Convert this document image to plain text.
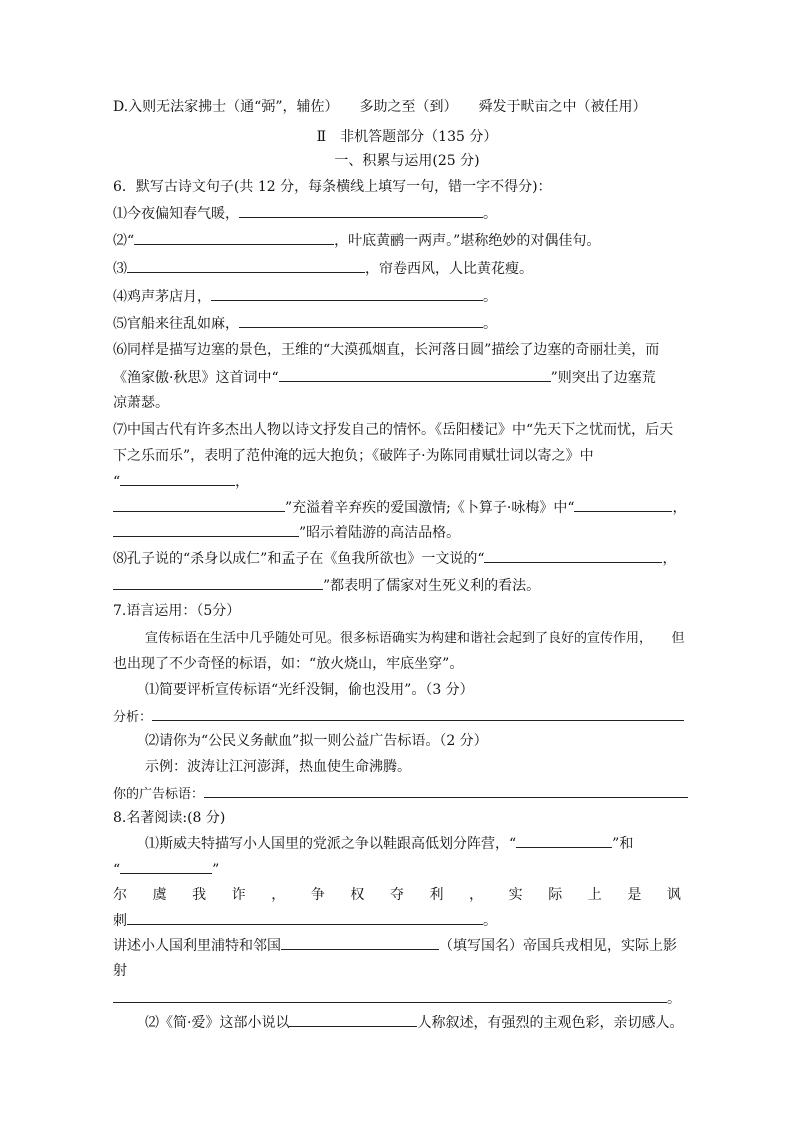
D.入则无法家拂士（通“弼”，辅佐）　　多助之至（到）　　舜发于畎亩之中（被任用）
Ⅱ　非机答题部分（135 分）
一、积累与运用(25 分)
6．默写古诗文句子(共 12 分，每条横线上填写一句，错一字不得分)：
⑴今夜偏知春气暖，	。
⑵“	，叶底黄鹂一两声。”堪称绝妙的对偶佳句。
⑶	，帘卷西风，人比黄花瘦。
⑷鸡声茅店月，	。
⑸官船来往乱如麻，	。
⑹同样是描写边塞的景色，王维的“大漠孤烟直，长河落日圆”描绘了边塞的奇丽壮美，而
《渔家傲·秋思》这首词中“	”则突出了边塞荒
凉萧瑟。
⑺中国古代有许多杰出人物以诗文抒发自己的情怀。《岳阳楼记》中“先天下之忧而忧，后天
下之乐而乐”，表明了范仲淹的远大抱负；《破阵子·为陈同甫赋壮词以寄之》中
“	，
”充溢着辛弃疾的爱国激情;《卜算子·咏梅》中“	，
”昭示着陆游的高洁品格。
⑻孔子说的“杀身以成仁”和孟子在《鱼我所欲也》一文说的“	，
”都表明了儒家对生死义利的看法。
7.语言运用：（5分）
宣传标语在生活中几乎随处可见。很多标语确实为构建和谐社会起到了良好的宣传作用，　　但
也出现了不少奇怪的标语，如：“放火烧山，牢底坐穿”。
⑴简要评析宣传标语“光纤没铜，偷也没用”。（3 分）
分析：
⑵请你为“公民义务献血”拟一则公益广告标语。（2 分）
示例：波涛让江河澎湃，热血使生命沸腾。
你的广告标语：
8.名著阅读:(8 分)
⑴斯威夫特描写小人国里的党派之争以鞋跟高低划分阵营，“	”和
“	”
尔 虞 我 诈 ， 争 权 夺 利 ， 实 际 上 是 讽
刺	。
讲述小人国利里浦特和邻国	（填写国名）帝国兵戎相见，实际上影
射
。
⑵《简·爱》这部小说以	人称叙述，有强烈的主观色彩，亲切感人。
